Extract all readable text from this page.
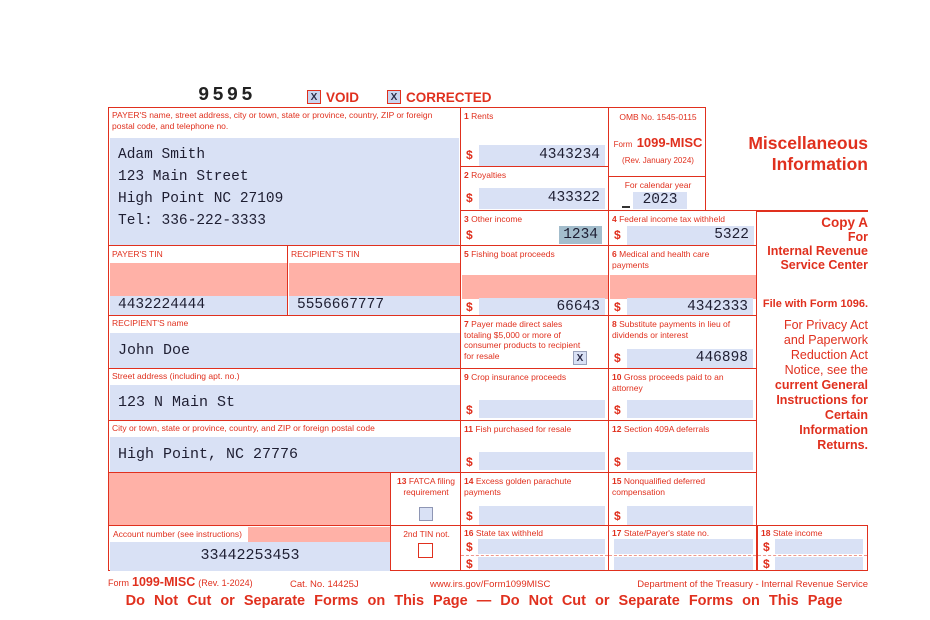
9595	X VOID	X CORRECTED
PAYER'S name, street address, city or town, state or province, country, ZIP or foreign postal code, and telephone no.
Adam Smith
123 Main Street
High Point NC 27109
Tel: 336-222-3333
PAYER'S TIN
4432224444
RECIPIENT'S TIN
5556667777
RECIPIENT'S name
John Doe
Street address (including apt. no.)
123 N Main St
City or town, state or province, country, and ZIP or foreign postal code
High Point, NC 27776
13 FATCA filing requirement
Account number (see instructions)
33442253453
2nd TIN not.
1 Rents
$	4343234
2 Royalties
$	433322
OMB No. 1545-0115
Form 1099-MISC
(Rev. January 2024)
For calendar year
2023
3 Other income
$	1234
4 Federal income tax withheld
$	5322
5 Fishing boat proceeds
$	66643
6 Medical and health care payments
$	4342333
7 Payer made direct sales totaling $5,000 or more of consumer products to recipient for resale	X
8 Substitute payments in lieu of dividends or interest
$	446898
9 Crop insurance proceeds
$
10 Gross proceeds paid to an attorney
$
11 Fish purchased for resale
$
12 Section 409A deferrals
$
14 Excess golden parachute payments
$
15 Nonqualified deferred compensation
$
16 State tax withheld
$
$
17 State/Payer's state no.	18 State income
$
$
Miscellaneous
Information
Copy A
For
Internal Revenue
Service Center
File with Form 1096.
For Privacy Act
and Paperwork
Reduction Act
Notice, see the
current General
Instructions for
Certain
Information
Returns.
Form 1099-MISC (Rev. 1-2024)	Cat. No. 14425J	www.irs.gov/Form1099MISC	Department of the Treasury - Internal Revenue Service
Do Not Cut or Separate Forms on This Page — Do Not Cut or Separate Forms on This Page
